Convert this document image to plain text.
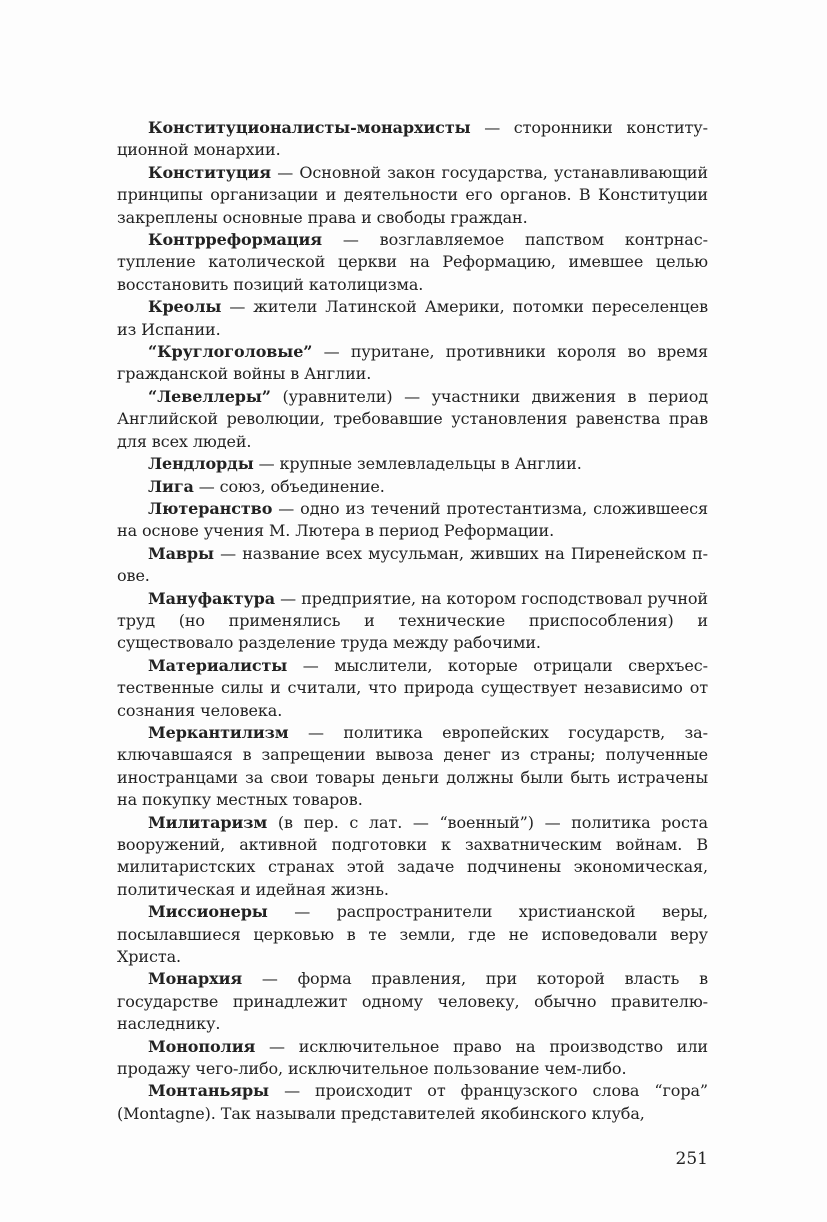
Конституционалисты-монархисты — сторонники конституционной монархии.

Конституция — Основной закон государства, устанавливающий принципы организации и деятельности его органов. В Конституции закреплены основные права и свободы граждан.

Контрреформация — возглавляемое папством контрнаступление католической церкви на Реформацию, имевшее целью восстановить позиций католицизма.

Креолы — жители Латинской Америки, потомки переселенцев из Испании.

“Круглоголовые” — пуритане, противники короля во время гражданской войны в Англии.

“Левеллеры” (уравнители) — участники движения в период Английской революции, требовавшие установления равенства прав для всех людей.

Лендлорды — крупные землевладельцы в Англии.

Лига — союз, объединение.

Лютеранство — одно из течений протестантизма, сложившееся на основе учения М. Лютера в период Реформации.

Мавры — название всех мусульман, живших на Пиренейском п-ове.

Мануфактура — предприятие, на котором господствовал ручной труд (но применялись и технические приспособления) и существовало разделение труда между рабочими.

Материалисты — мыслители, которые отрицали сверхъестественные силы и считали, что природа существует независимо от сознания человека.

Меркантилизм — политика европейских государств, заключавшаяся в запрещении вывоза денег из страны; полученные иностранцами за свои товары деньги должны были быть истрачены на покупку местных товаров.

Милитаризм (в пер. с лат. — “военный”) — политика роста вооружений, активной подготовки к захватническим войнам. В милитаристских странах этой задаче подчинены экономическая, политическая и идейная жизнь.

Миссионеры — распространители христианской веры, посылавшиеся церковью в те земли, где не исповедовали веру Христа.

Монархия — форма правления, при которой власть в государстве принадлежит одному человеку, обычно правителю-наследнику.

Монополия — исключительное право на производство или продажу чего-либо, исключительное пользование чем-либо.

Монтаньяры — происходит от французского слова “гора” (Montagne). Так называли представителей якобинского клуба,

251
